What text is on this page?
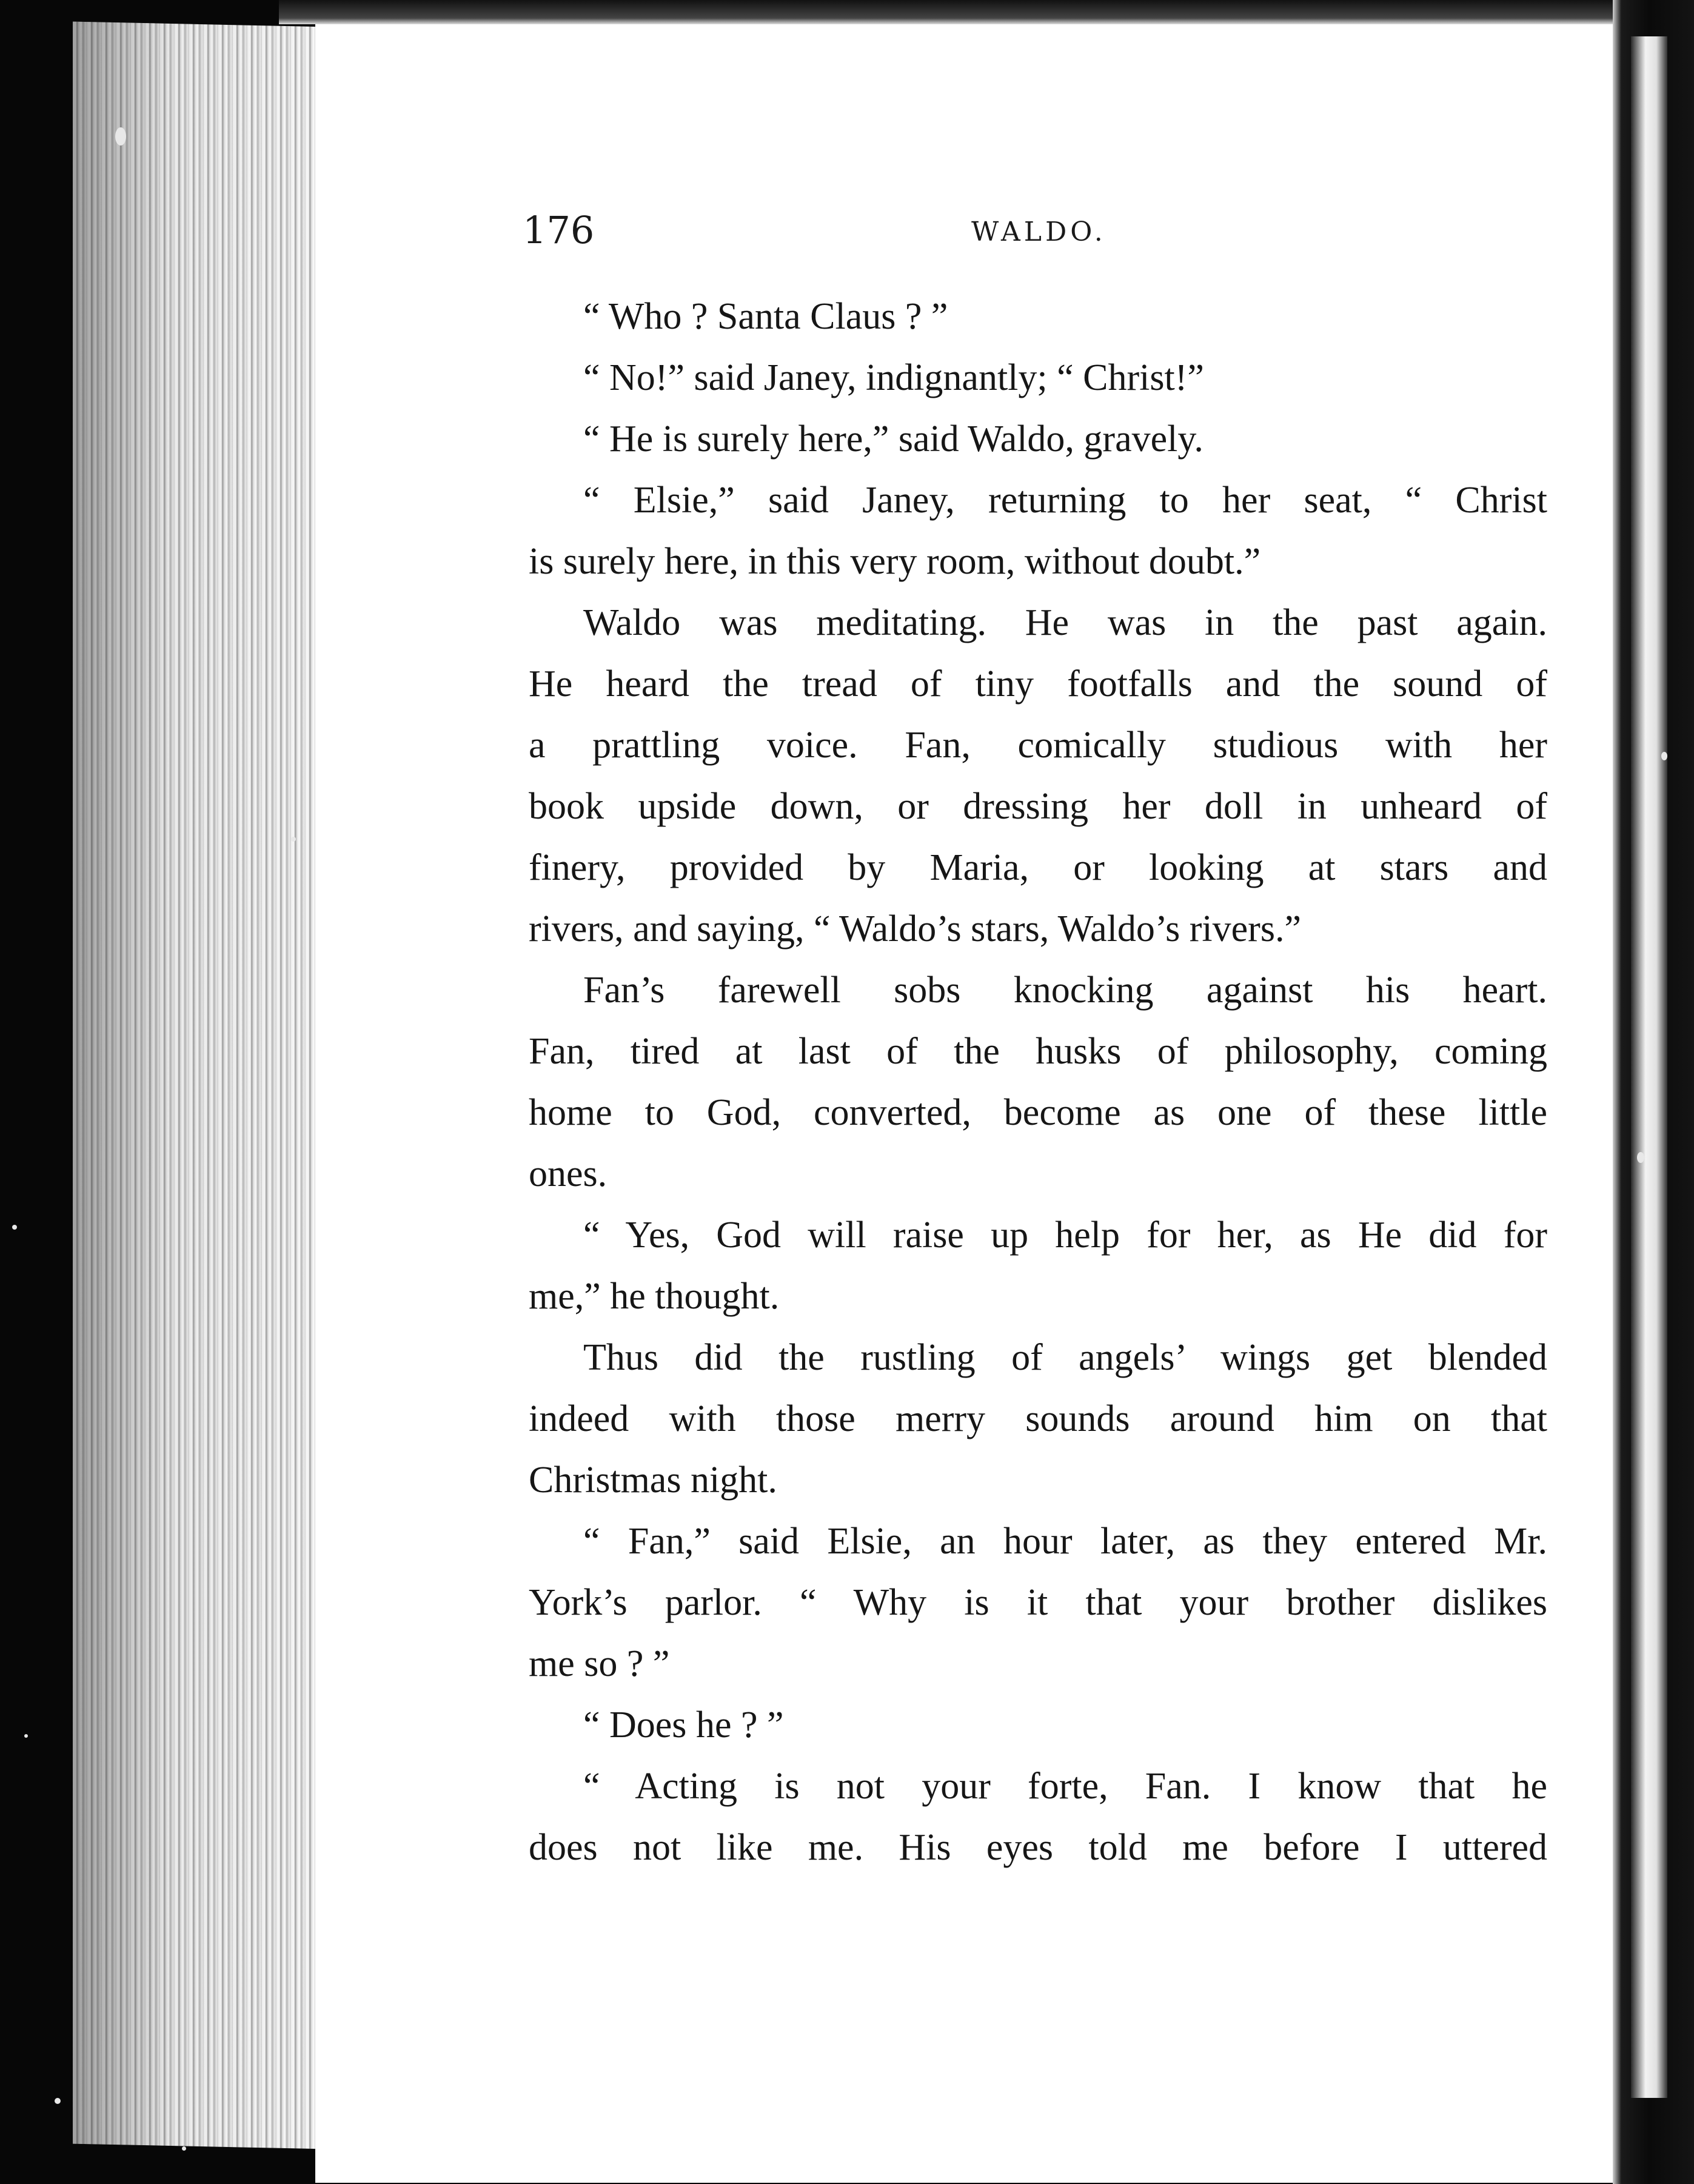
176	WALDO.
“ Who ? Santa Claus ? ”
“ No!” said Janey, indignantly; “ Christ!”
“ He is surely here,” said Waldo, gravely.
“ Elsie,” said Janey, returning to her seat, “ Christ
is surely here, in this very room, without doubt.”
Waldo was meditating. He was in the past again.
He heard the tread of tiny footfalls and the sound of
a prattling voice. Fan, comically studious with her
book upside down, or dressing her doll in unheard of
finery, provided by Maria, or looking at stars and
rivers, and saying, “ Waldo’s stars, Waldo’s rivers.”
Fan’s farewell sobs knocking against his heart.
Fan, tired at last of the husks of philosophy, coming
home to God, converted, become as one of these little
ones.
“ Yes, God will raise up help for her, as He did for
me,” he thought.
Thus did the rustling of angels’ wings get blended
indeed with those merry sounds around him on that
Christmas night.
“ Fan,” said Elsie, an hour later, as they entered Mr.
York’s parlor. “ Why is it that your brother dislikes
me so ? ”
“ Does he ? ”
“ Acting is not your forte, Fan. I know that he
does not like me. His eyes told me before I uttered
